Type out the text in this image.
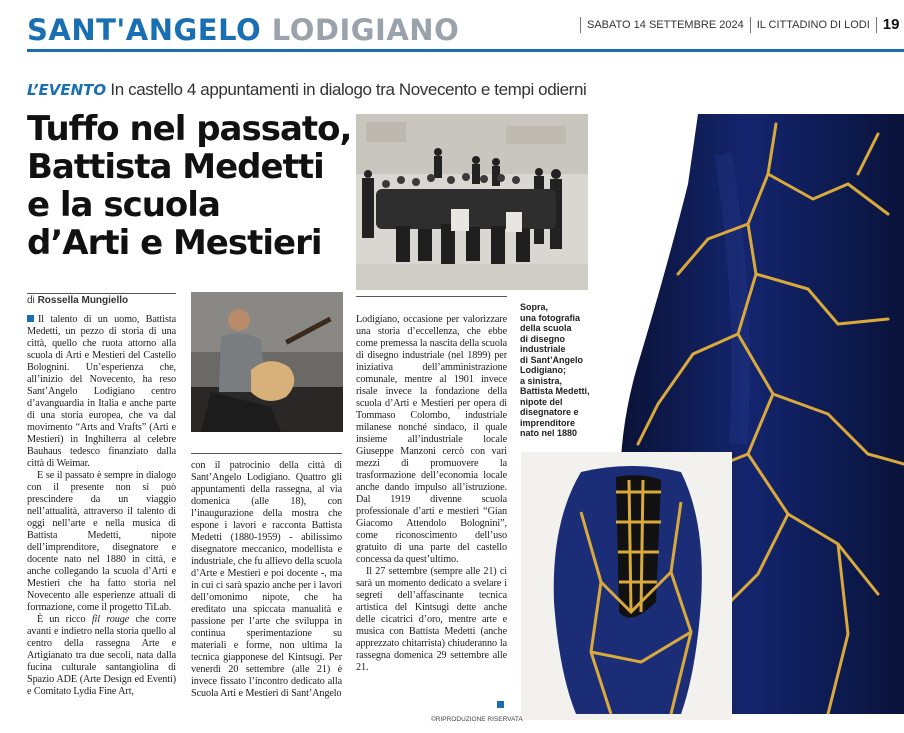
SANT'ANGELO LODIGIANO	SABATO 14 SETTEMBRE 2024 IL CITTADINO DI LODI 19
L’EVENTO In castello 4 appuntamenti in dialogo tra Novecento e tempi odierni
Tuffo nel passato,
Battista Medetti
e la scuola
d’Arti e Mestieri
di Rossella Mungiello
Sopra,
una fotografia
della scuola
di disegno
industriale
di Sant’Angelo
Lodigiano;
a sinistra,
Battista Medetti,
nipote del
disegnatore e
imprenditore
nato nel 1880

Il talento di un uomo, Battista Medetti, un pezzo di storia di una città, quello che ruota attorno alla scuola di Arti e Mestieri del Castello Bolognini. Un’esperienza che, all’inizio del Novecento, ha reso Sant’Angelo Lodigiano centro d’avanguardia in Italia e anche parte di una storia europea, che va dal movimento “Arts and Vrafts” (Arti e Mestieri) in Inghilterra al celebre Bauhaus tedesco finanziato dalla città di Weimar.

E se il passato è sempre in dialogo con il presente non si può prescindere da un viaggio nell’attualità, attraverso il talento di oggi nell’arte e nella musica di Battista Medetti, nipote dell’imprenditore, disegnatore e docente nato nel 1880 in città, e anche collegando la scuola d’Arti e Mestieri che ha fatto storia nel Novecento alle esperienze attuali di formazione, come il progetto TiLab.

È un ricco fil rouge che corre avanti e indietro nella storia quello al centro della rassegna Arte e Artigianato tra due secoli, nata dalla fucina culturale santangiolina di Spazio ADE (Arte Design ed Eventi) e Comitato Lydia Fine Art,

con il patrocinio della città di Sant’Angelo Lodigiano. Quattro gli appuntamenti della rassegna, al via domenica (alle 18), con l’inaugurazione della mostra che espone i lavori e racconta Battista Medetti (1880-1959) - abilissimo disegnatore meccanico, modellista e industriale, che fu allievo della scuola d’Arte e Mestieri e poi docente -, ma in cui ci sarà spazio anche per i lavori dell’omonimo nipote, che ha ereditato una spiccata manualità e passione per l’arte che sviluppa in continua sperimentazione su materiali e forme, non ultima la tecnica giapponese del Kintsugi. Per venerdì 20 settembre (alle 21) è invece fissato l’incontro dedicato alla Scuola Arti e Mestieri di Sant’Angelo

Lodigiano, occasione per valorizzare una storia d’eccellenza, che ebbe come premessa la nascita della scuola di disegno industriale (nel 1899) per iniziativa dell’amministrazione comunale, mentre al 1901 invece risale invece la fondazione della scuola d’Arti e Mestieri per opera di Tommaso Colombo, industriale milanese nonché sindaco, il quale insieme all’industriale locale Giuseppe Manzoni cercò con vari mezzi di promuovere la trasformazione dell’economia locale anche dando impulso all’istruzione. Dal 1919 divenne scuola professionale d’arti e mestieri “Gian Giacomo Attendolo Bolognini”, come riconoscimento dell’uso gratuito di una parte del castello concessa da quest’ultimo.

Il 27 settembre (sempre alle 21) ci sarà un momento dedicato a svelare i segreti dell’affascinante tecnica artistica del Kintsugi dette anche delle cicatrici d’oro, mentre arte e musica con Battista Medetti (anche apprezzato chitarrista) chiuderanno la rassegna domenica 29 settembre alle 21.

©RIPRODUZIONE RISERVATA
